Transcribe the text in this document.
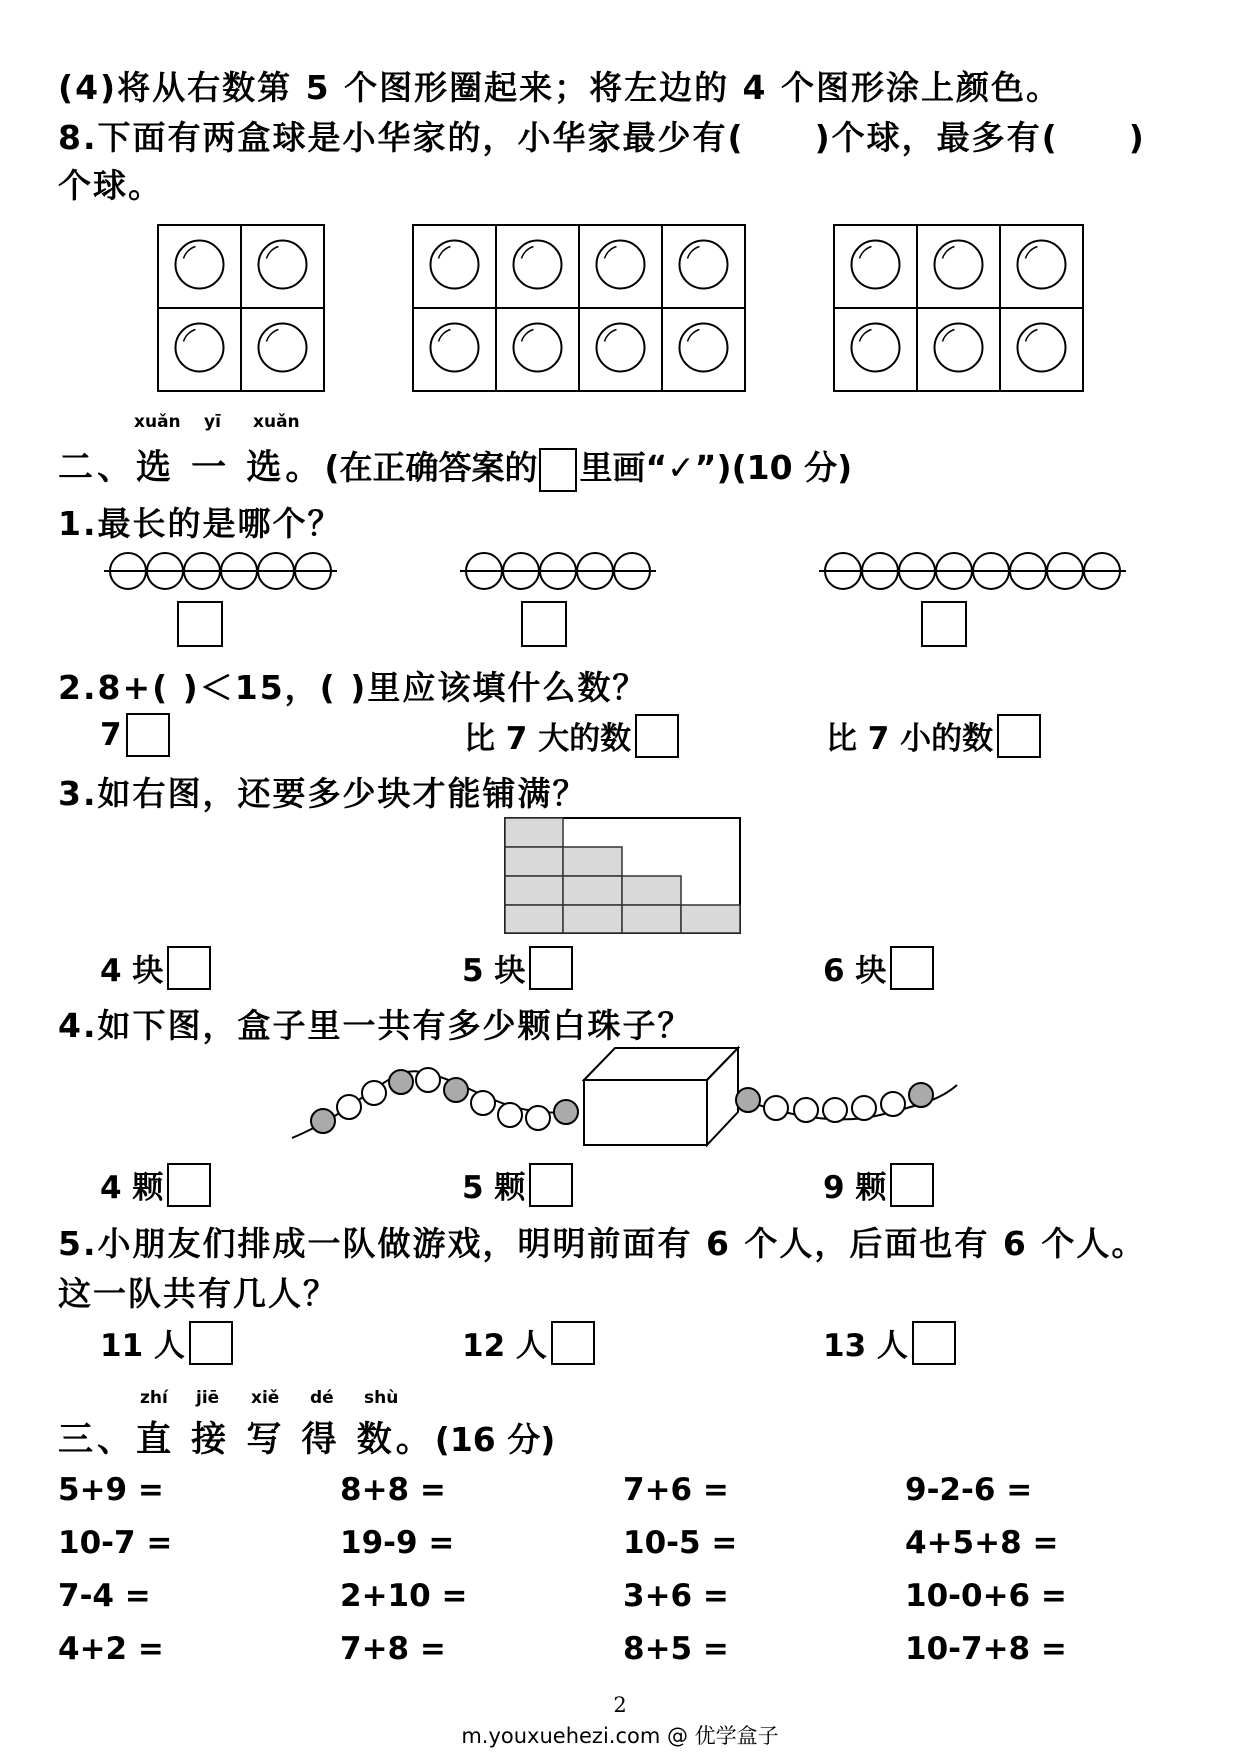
(4)将从右数第 5 个图形圈起来；将左边的 4 个图形涂上颜色。
8.下面有两盒球是小华家的，小华家最少有( )个球，最多有( )
个球。
xuǎn yī xuǎn
二、选 一 选。(在正确答案的 里画“✓”)(10 分)
1.最长的是哪个？
2.8+( )＜15，( )里应该填什么数？
7	比 7 大的数	比 7 小的数
3.如右图，还要多少块才能铺满？
4 块	5 块	6 块
4.如下图，盒子里一共有多少颗白珠子？
4 颗	5 颗	9 颗
5.小朋友们排成一队做游戏，明明前面有 6 个人，后面也有 6 个人。
这一队共有几人？
11 人	12 人	13 人
zhí jiē xiě dé shù
三、直 接 写 得 数。(16 分)
5+9 =	8+8 =	7+6 =	9-2-6 =
10-7 =	19-9 =	10-5 =	4+5+8 =
7-4 =	2+10 =	3+6 =	10-0+6 =
4+2 =	7+8 =	8+5 =	10-7+8 =
2
m.youxuehezi.com @ 优学盒子
